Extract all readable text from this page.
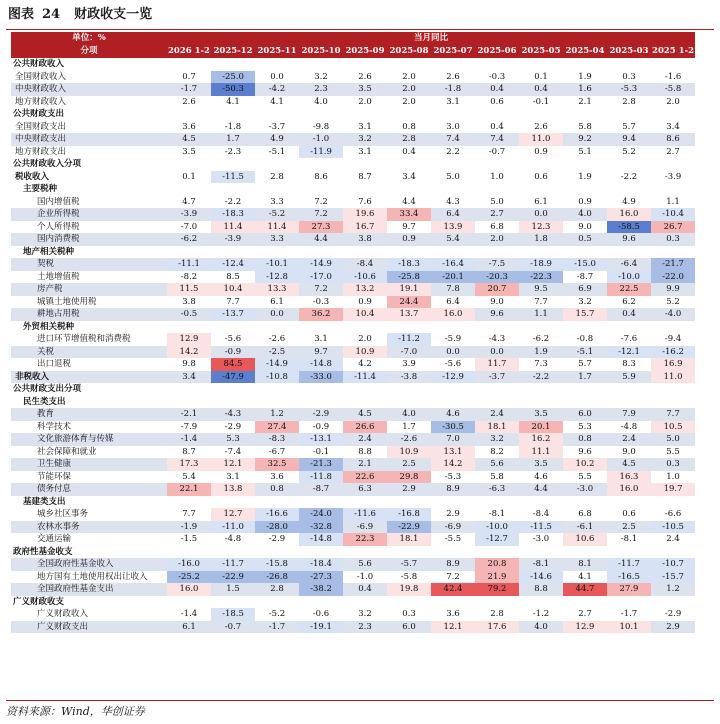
图表 24 财政收支一览
单位：%	当月同比											
分项	2026 1-2	2025-12	2025-11	2025-10	2025-09	2025-08	2025-07	2025-06	2025-05	2025-04	2025-03	2025 1-2
公共财政收入												
全国财政收入	0.7	-25.0	0.0	3.2	2.6	2.0	2.6	-0.3	0.1	1.9	0.3	-1.6
中央财政收入	-1.7	-50.3	-4.2	2.3	3.5	2.0	-1.8	0.4	0.4	1.6	-5.3	-5.8
地方财政收入	2.6	4.1	4.1	4.0	2.0	2.0	3.1	0.6	-0.1	2.1	2.8	2.0
公共财政支出												
全国财政支出	3.6	-1.8	-3.7	-9.8	3.1	0.8	3.0	0.4	2.6	5.8	5.7	3.4
中央财政支出	4.5	1.7	4.9	-1.0	3.2	2.8	7.4	7.4	11.0	9.2	9.4	8.6
地方财政支出	3.5	-2.3	-5.1	-11.9	3.1	0.4	2.2	-0.7	0.9	5.1	5.2	2.7
公共财政收入分项												
税收收入	0.1	-11.5	2.8	8.6	8.7	3.4	5.0	1.0	0.6	1.9	-2.2	-3.9
主要税种												
国内增值税	4.7	-2.2	3.3	7.2	7.6	4.4	4.3	5.0	6.1	0.9	4.9	1.1
企业所得税	-3.9	-18.3	-5.2	7.2	19.6	33.4	6.4	2.7	0.0	4.0	16.0	-10.4
个人所得税	-7.0	11.4	11.4	27.3	16.7	9.7	13.9	6.8	12.3	9.0	-58.5	26.7
国内消费税	-6.2	-3.9	3.3	4.4	3.8	0.9	5.4	2.0	1.8	0.5	9.6	0.3
地产相关税种												
契税	-11.1	-12.4	-10.1	-14.9	-8.4	-18.3	-16.4	-7.5	-18.9	-15.0	-6.4	-21.7
土地增值税	-8.2	8.5	-12.8	-17.0	-10.6	-25.8	-20.1	-20.3	-22.3	-8.7	-10.0	-22.0
房产税	11.5	10.4	13.3	7.2	13.2	19.1	7.8	20.7	9.5	6.9	22.5	9.9
城镇土地使用税	3.8	7.7	6.1	-0.3	0.9	24.4	6.4	9.0	7.7	3.2	6.2	5.2
耕地占用税	-0.5	-13.7	0.0	36.2	10.4	13.7	16.0	9.6	1.1	15.7	0.4	-4.0
外贸相关税种												
进口环节增值税和消费税	12.9	-5.6	-2.6	3.1	2.0	-11.2	-5.9	-4.3	-6.2	-0.8	-7.6	-9.4
关税	14.2	-0.9	-2.5	9.7	10.9	-7.0	0.0	0.0	1.9	-5.1	-12.1	-16.2
出口退税	9.8	84.5	-14.9	-14.8	4.2	3.9	-5.6	11.7	7.3	5.7	8.3	16.9
非税收入	3.4	-47.9	-10.8	-33.0	-11.4	-3.8	-12.9	-3.7	-2.2	1.7	5.9	11.0
公共财政支出分项												
民生类支出												
教育	-2.1	-4.3	1.2	-2.9	4.5	4.0	4.6	2.4	3.5	6.0	7.9	7.7
科学技术	-7.9	-2.9	27.4	-0.9	26.6	1.7	-30.5	18.1	20.1	5.3	-4.8	10.5
文化旅游体育与传媒	-1.4	5.3	-8.3	-13.1	2.4	-2.6	7.0	3.2	16.2	0.8	2.4	5.0
社会保障和就业	8.7	-7.4	-6.7	-0.1	8.8	10.9	13.1	8.2	11.1	9.6	9.0	5.5
卫生健康	17.3	12.1	32.5	-21.3	2.1	2.5	14.2	5.6	3.5	10.2	4.5	0.3
节能环保	5.4	3.1	3.6	-11.8	22.6	29.8	-5.3	5.8	4.6	5.5	16.3	1.0
债务付息	22.1	13.8	0.8	-8.7	6.3	2.9	8.9	-6.3	4.4	-3.0	16.0	19.7
基建类支出												
城乡社区事务	7.7	12.7	-16.6	-24.0	-11.6	-16.8	2.9	-8.1	-8.4	6.8	0.6	-6.6
农林水事务	-1.9	-11.0	-28.0	-32.8	-6.9	-22.9	-6.9	-10.0	-11.5	-6.1	2.5	-10.5
交通运输	-1.5	-4.8	-2.9	-14.8	22.3	18.1	-5.5	-12.7	-3.0	10.6	-8.1	2.4
政府性基金收支												
全国政府性基金收入	-16.0	-11.7	-15.8	-18.4	5.6	-5.7	8.9	20.8	-8.1	8.1	-11.7	-10.7
地方国有土地使用权出让收入	-25.2	-22.9	-26.8	-27.3	-1.0	-5.8	7.2	21.9	-14.6	4.1	-16.5	-15.7
全国政府性基金支出	16.0	1.5	2.8	-38.2	0.4	19.8	42.4	79.2	8.8	44.7	27.9	1.2
广义财政收支												
广义财政收入	-1.4	-18.5	-5.2	-0.6	3.2	0.3	3.6	2.8	-1.2	2.7	-1.7	-2.9
广义财政支出	6.1	-0.7	-1.7	-19.1	2.3	6.0	12.1	17.6	4.0	12.9	10.1	2.9
资料来源：Wind，华创证券
